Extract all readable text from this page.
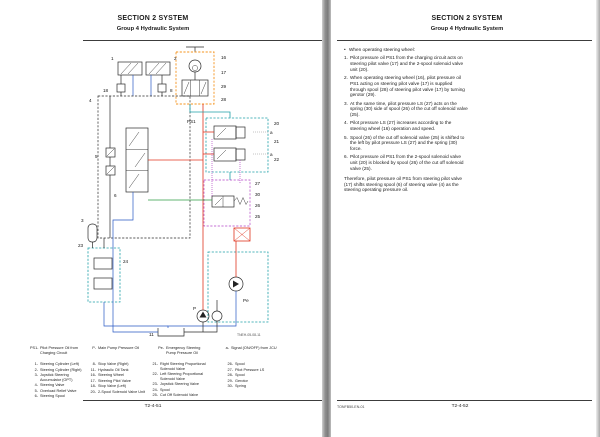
SECTION 2 SYSTEM
Group 4 Hydraulic System
1	2
18	8
16
17
29
28
PS1
4
5
6
3
23
24
20
21
22
a
a
27
30
26
25
P
Pe
11	TNEH-05-08-11
PS1- Pilot Pressure Oil from Charging Circuit
P- Main Pump Pressure Oil	Pe- Emergency Steering Pump Pressure Oil
a- Signal (ON/OFF) from JCU
1- Steering Cylinder (Left)
2- Steering Cylinder (Right)
3- Joystick Steering Accumulator (OPT)
4- Steering Valve
5- Overload Relief Valve
6- Steering Spool
8- Stop Valve (Right)
11- Hydraulic Oil Tank
16- Steering Wheel
17- Steering Pilot Valve
18- Stop Valve (Left)
20- 2-Spool Solenoid Valve Unit
21- Right Steering Proportional Solenoid Valve
22- Left Steering Proportional Solenoid Valve
23- Joystick Steering Valve
24- Spool
25- Cut Off Solenoid Valve
26- Spool
27- Pilot Pressure LS
28- Spool
29- Gerotor
30- Spring
T2-4-51
SECTION 2 SYSTEM
Group 4 Hydraulic System
• When operating steering wheel:
1. Pilot pressure oil PS1 from the charging circuit acts on steering pilot valve (17) and the 2-spool solenoid valve unit (20).
2. When operating steering wheel (16), pilot pressure oil PS1 acting on steering pilot valve (17) is supplied through spool (28) of steering pilot valve (17) by turning gerotor (29).
3. At the same time, pilot pressure LS (27) acts on the spring (30) side of spool (26) of the cut off solenoid valve (25).
4. Pilot pressure LS (27) increases according to the steering wheel (16) operation and speed.
5. Spool (26) of the cut off solenoid valve (25) is shifted to the left by pilot pressure LS (27) and the spring (30) force.
6. Pilot pressure oil PS1 from the 2-spool solenoid valve unit (20) is blocked by spool (26) of the cut off solenoid valve (25).
Therefore, pilot pressure oil PS1 from steering pilot valve (17) shifts steering spool (6) of steering valve (4) as the steering operating pressure oil.
TONFB50-EN-01	T2-4-52
